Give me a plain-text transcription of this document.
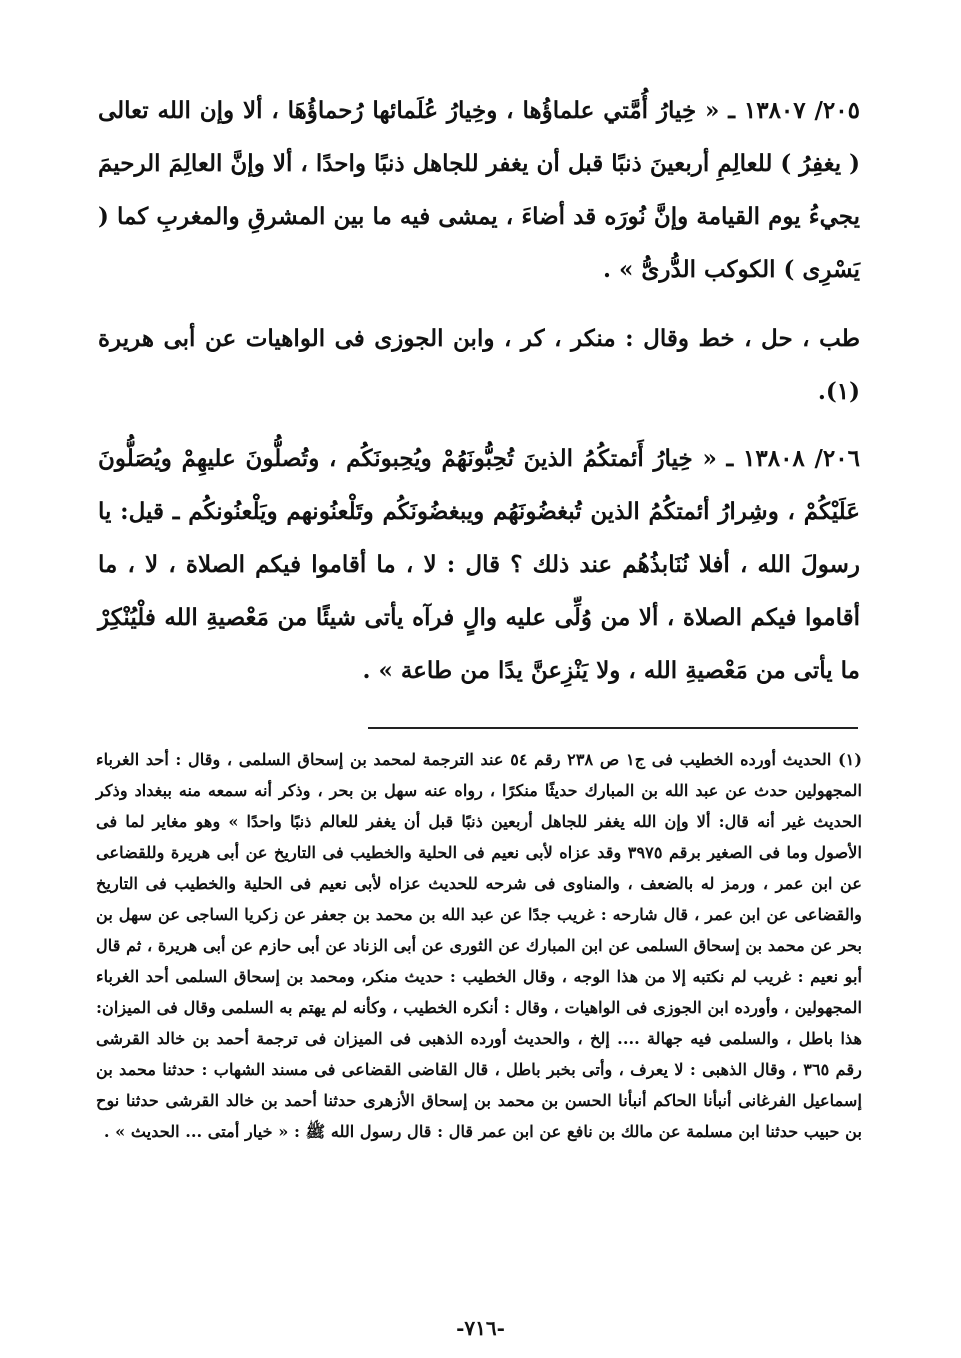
٢٠٥/ ١٣٨٠٧ ـ « خِيارُ أُمَّتي علماؤُها ، وخِيارُ عُلَمائها رُحماؤُهَا ، ألا وإن الله تعالى ( يغفِرُ ) للعالِمِ أربعينَ ذنبًا قبل أن يغفر للجاهل ذنبًا واحدًا ، ألا وإنَّ العالِمَ الرحيمَ يجيءُ يوم القيامة وإنَّ نُورَه قد أضاءَ ، يمشى فيه ما بين المشرقِ والمغربِ كما ( يَسْرِى ) الكوكب الدُّرىُّ » .

طب ، حل ، خط وقال : منكر ، كر ، وابن الجوزى فى الواهيات عن أبى هريرة (١).

٢٠٦/ ١٣٨٠٨ ـ « خِيارُ أَئمتكُمُ الذينَ تُحِبُّونَهُمْ ويُحِبونَكُم ، وتُصلُّونَ عليهِمْ ويُصَلُّونَ عَلَيْكُمْ ، وشِرارُ أئمتكُمُ الذين تُبغضُونَهُم ويبغضُونَكُم وتَلْعنُونهم ويَلْعنُونكُم ـ قيل: يا رسولَ الله ، أفلا نُنَابذُهُم عند ذلك ؟ قال : لا ، ما أقاموا فيكم الصلاة ، لا ، ما أقاموا فيكم الصلاة ، ألا من وُلِّى عليه والٍ فرآه يأتى شيئًا من مَعْصيةِ الله فلْيُنْكِرْ ما يأتى من مَعْصيةِ الله ، ولا يَنْزِعنَّ يدًا من طاعة » .

(١) الحديث أورده الخطيب فى ج١ ص ٢٣٨ رقم ٥٤ عند الترجمة لمحمد بن إسحاق السلمى ، وقال : أحد الغرباء المجهولين حدث عن عبد الله بن المبارك حديثًا منكرًا ، رواه عنه سهل بن بحر ، وذكر أنه سمعه منه ببغداد وذكر الحديث غير أنه قال: ألا وإن الله يغفر للجاهل أربعين ذنبًا قبل أن يغفر للعالم ذنبًا واحدًا » وهو مغاير لما فى الأصول وما فى الصغير برقم ٣٩٧٥ وقد عزاه لأبى نعيم فى الحلية والخطيب فى التاريخ عن أبى هريرة وللقضاعى عن ابن عمر ، ورمز له بالضعف ، والمناوى فى شرحه للحديث عزاه لأبى نعيم فى الحلية والخطيب فى التاريخ والقضاعى عن ابن عمر ، قال شارحه : غريب جدًا عن عبد الله بن محمد بن جعفر عن زكريا الساجى عن سهل بن بحر عن محمد بن إسحاق السلمى عن ابن المبارك عن الثورى عن أبى الزناد عن أبى حازم عن أبى هريرة ، ثم قال أبو نعيم : غريب لم نكتبه إلا من هذا الوجه ، وقال الخطيب : حديث منكر، ومحمد بن إسحاق السلمى أحد الغرباء المجهولين ، وأورده ابن الجوزى فى الواهيات ، وقال : أنكره الخطيب ، وكأنه لم يهتم به السلمى وقال فى الميزان: هذا باطل ، والسلمى فيه جهالة .... إلخ ، والحديث أورده الذهبى فى الميزان فى ترجمة أحمد بن خالد القرشى رقم ٣٦٥ ، وقال الذهبى : لا يعرف ، وأتى بخبر باطل ، قال القاضى القضاعى فى مسند الشهاب : حدثنا محمد بن إسماعيل الفرغانى أنبأنا الحاكم أنبأنا الحسن بن محمد بن إسحاق الأزهرى حدثنا أحمد بن خالد القرشى حدثنا نوح بن حبيب حدثنا ابن مسلمة عن مالك بن نافع عن ابن عمر قال : قال رسول الله ﷺ : « خيار أمتى ... الحديث » .

-٧١٦-
